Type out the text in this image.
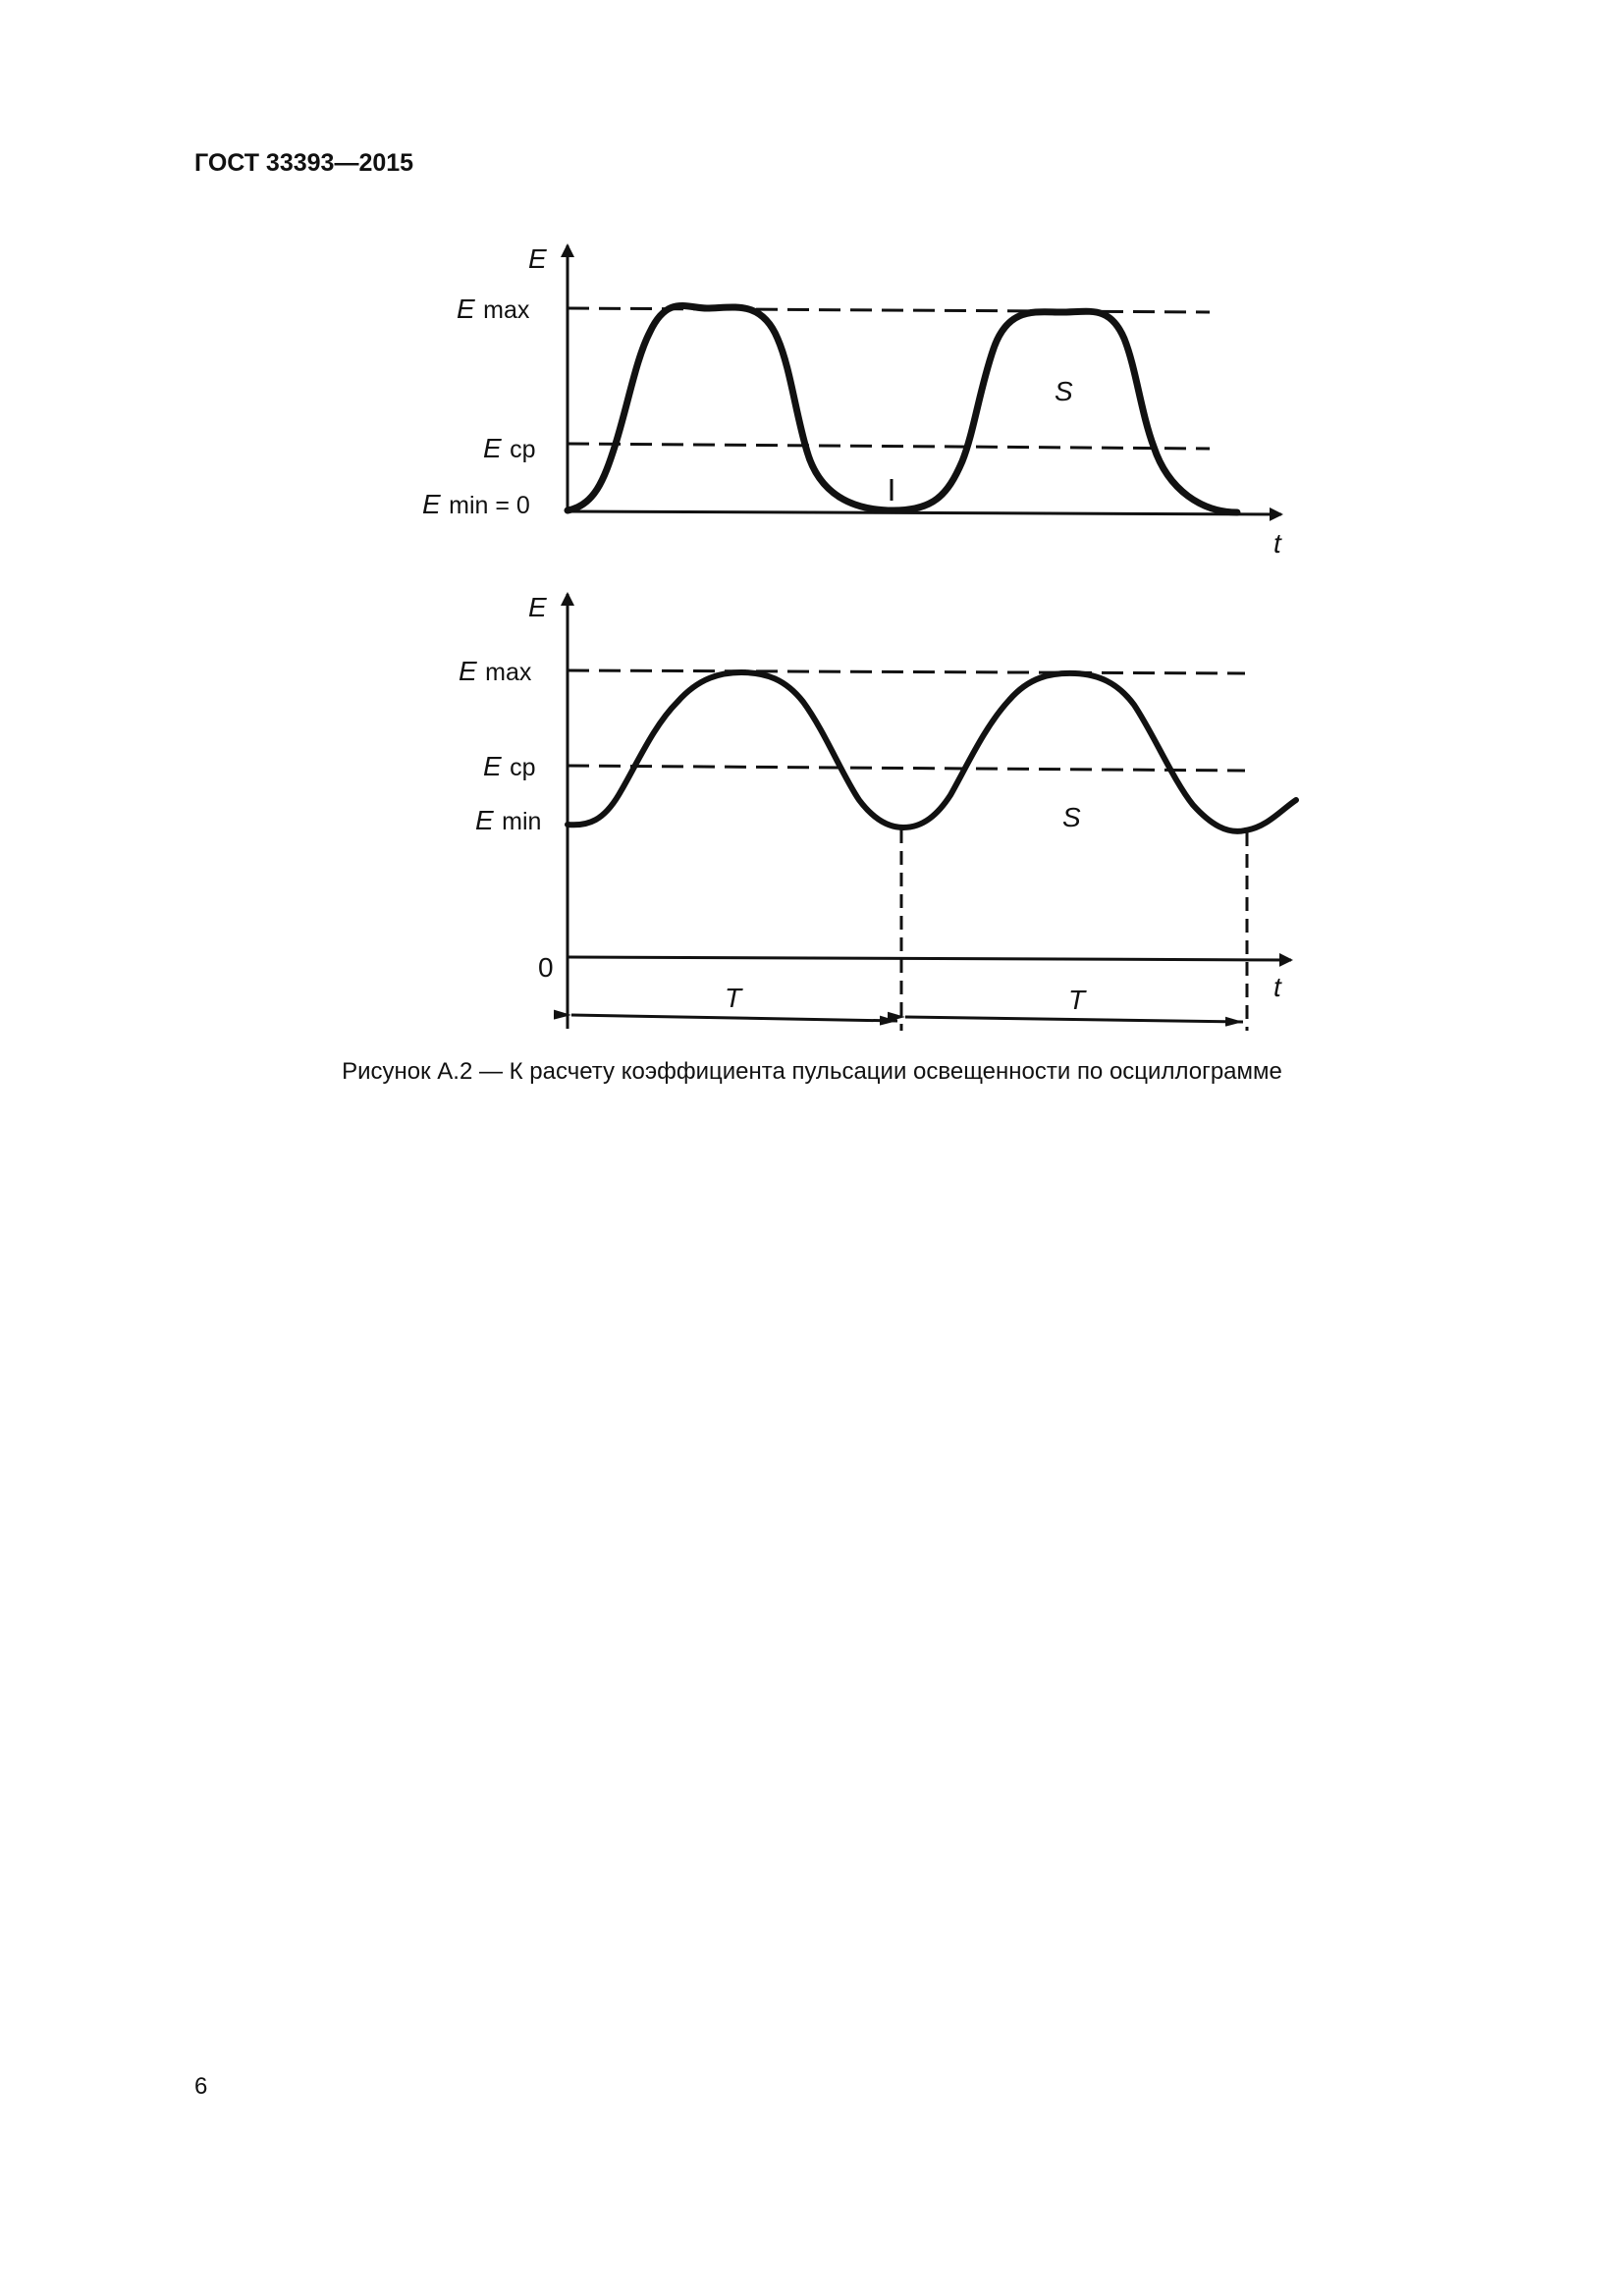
ГОСТ 33393—2015
E
t
E max
E ср
E min = 0
S
E
t
E max
E ср
E min
0
S
T	T
Рисунок А.2 — К расчету коэффициента пульсации освещенности по осциллограмме
6
